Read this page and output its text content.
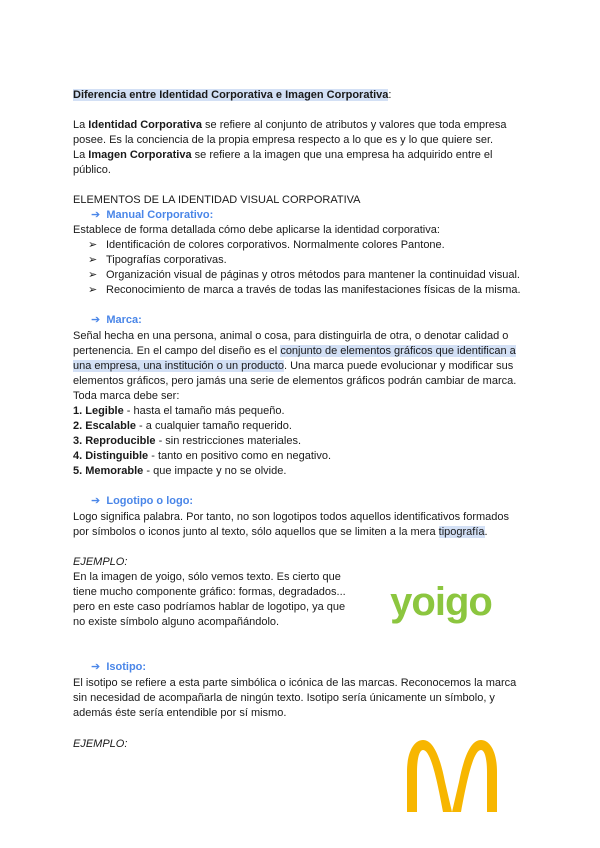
Diferencia entre Identidad Corporativa e Imagen Corporativa:
La Identidad Corporativa se refiere al conjunto de atributos y valores que toda empresa
posee. Es la conciencia de la propia empresa respecto a lo que es y lo que quiere ser.
La Imagen Corporativa se refiere a la imagen que una empresa ha adquirido entre el
público.
ELEMENTOS DE LA IDENTIDAD VISUAL CORPORATIVA
➔ Manual Corporativo:
Establece de forma detallada cómo debe aplicarse la identidad corporativa:
➢ Identificación de colores corporativos. Normalmente colores Pantone.
➢ Tipografías corporativas.
➢ Organización visual de páginas y otros métodos para mantener la continuidad visual.
➢ Reconocimiento de marca a través de todas las manifestaciones físicas de la misma.
➔ Marca:
Señal hecha en una persona, animal o cosa, para distinguirla de otra, o denotar calidad o
pertenencia. En el campo del diseño es el conjunto de elementos gráficos que identifican a
una empresa, una institución o un producto. Una marca puede evolucionar y modificar sus
elementos gráficos, pero jamás una serie de elementos gráficos podrán cambiar de marca.
Toda marca debe ser:
1. Legible - hasta el tamaño más pequeño.
2. Escalable - a cualquier tamaño requerido.
3. Reproducible - sin restricciones materiales.
4. Distinguible - tanto en positivo como en negativo.
5. Memorable - que impacte y no se olvide.
➔ Logotipo o logo:
Logo significa palabra. Por tanto, no son logotipos todos aquellos identificativos formados
por símbolos o iconos junto al texto, sólo aquellos que se limiten a la mera tipografía.
EJEMPLO:
En la imagen de yoigo, sólo vemos texto. Es cierto que
tiene mucho componente gráfico: formas, degradados...
pero en este caso podríamos hablar de logotipo, ya que
no existe símbolo alguno acompañándolo.	yoigo
➔ Isotipo:
El isotipo se refiere a esta parte simbólica o icónica de las marcas. Reconocemos la marca
sin necesidad de acompañarla de ningún texto. Isotipo sería únicamente un símbolo, y
además éste sería entendible por sí mismo.
EJEMPLO:
